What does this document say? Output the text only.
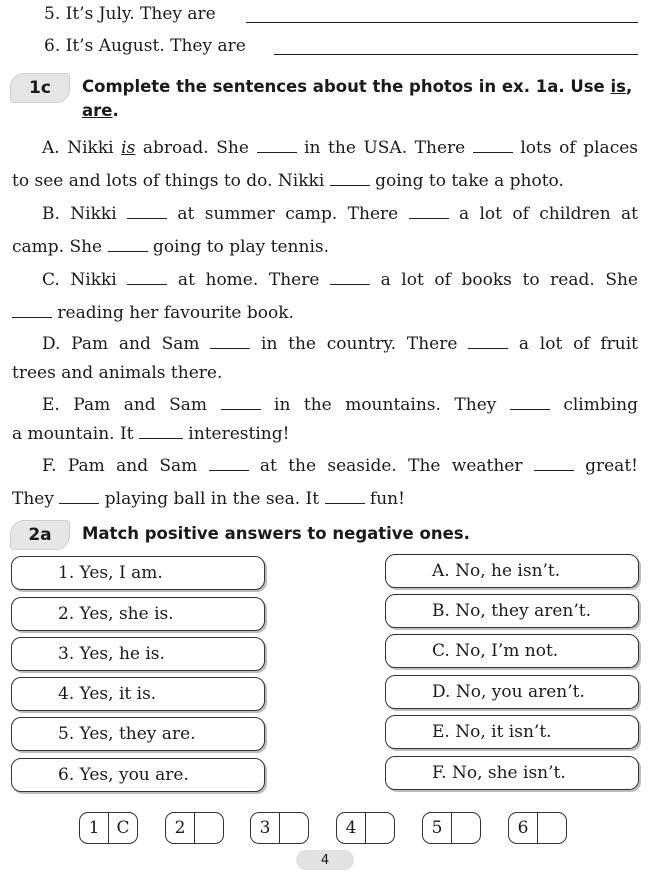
5. It’s July. They are
6. It’s August. They are
1c	Complete the sentences about the photos in ex. 1a. Use is,
are.
A. Nikki is abroad. She  in the USA. There  lots of places
to see and lots of things to do. Nikki  going to take a photo.
B. Nikki  at summer camp. There  a lot of children at
camp. She  going to play tennis.
C. Nikki  at home. There  a lot of books to read. She
reading her favourite book.
D. Pam and Sam  in the country. There  a lot of fruit
trees and animals there.
E. Pam and Sam  in the mountains. They  climbing
a mountain. It	interesting!
F. Pam and Sam  at the seaside. The weather  great!
They  playing ball in the sea. It  fun!
2a	Match positive answers to negative ones.
1. Yes, I am.
2. Yes, she is.
3. Yes, he is.
4. Yes, it is.
5. Yes, they are.
6. Yes, you are.
A. No, he isn’t.
B. No, they aren’t.
C. No, I’m not.
D. No, you aren’t.
E. No, it isn’t.
F. No, she isn’t.
1	C	2	3	4	5	6
4
